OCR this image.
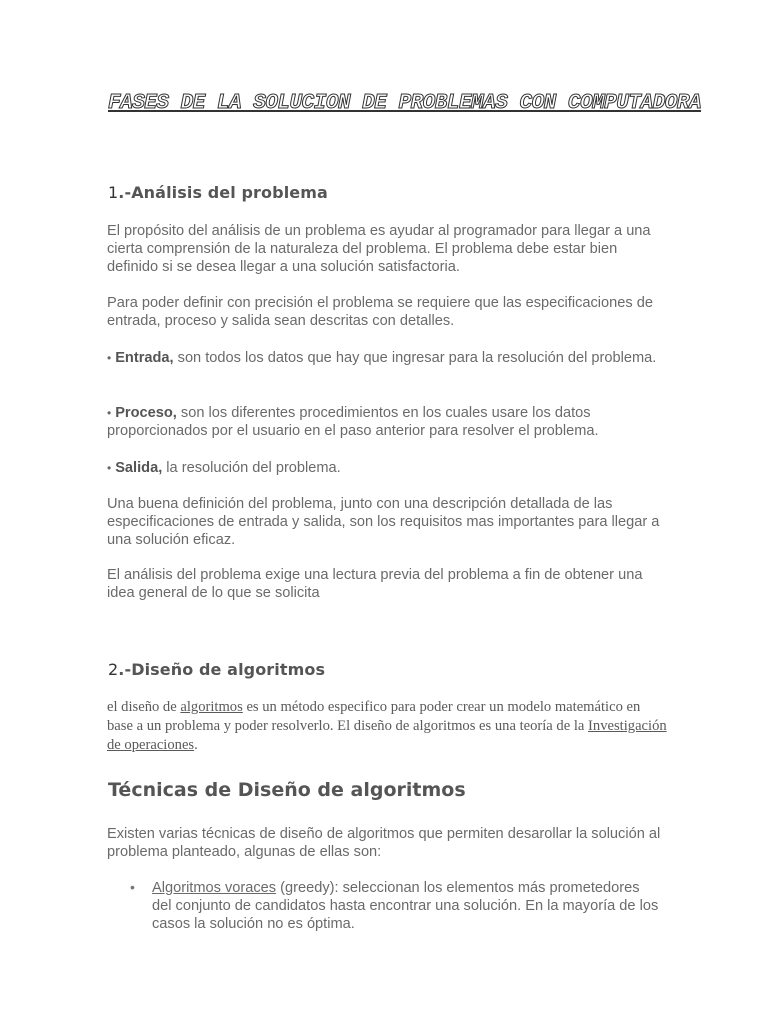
FASES DE LA SOLUCION DE PROBLEMAS CON COMPUTADORA
1.-Análisis del problema

El propósito del análisis de un problema es ayudar al programador para llegar a una cierta comprensión de la naturaleza del problema. El problema debe estar bien definido si se desea llegar a una solución satisfactoria.

Para poder definir con precisión el problema se requiere que las especificaciones de entrada, proceso y salida sean descritas con detalles.

• Entrada, son todos los datos que hay que ingresar para la resolución del problema.

• Proceso, son los diferentes procedimientos en los cuales usare los datos proporcionados por el usuario en el paso anterior para resolver el problema.

• Salida, la resolución del problema.

Una buena definición del problema, junto con una descripción detallada de las especificaciones de entrada y salida, son los requisitos mas importantes para llegar a una solución eficaz.

El análisis del problema exige una lectura previa del problema a fin de obtener una idea general de lo que se solicita

2.-Diseño de algoritmos

el diseño de algoritmos es un método especifico para poder crear un modelo matemático en base a un problema y poder resolverlo. El diseño de algoritmos es una teoría de la Investigación de operaciones.

Técnicas de Diseño de algoritmos

Existen varias técnicas de diseño de algoritmos que permiten desarollar la solución al problema planteado, algunas de ellas son:

• Algoritmos voraces (greedy): seleccionan los elementos más prometedores del conjunto de candidatos hasta encontrar una solución. En la mayoría de los casos la solución no es óptima.
